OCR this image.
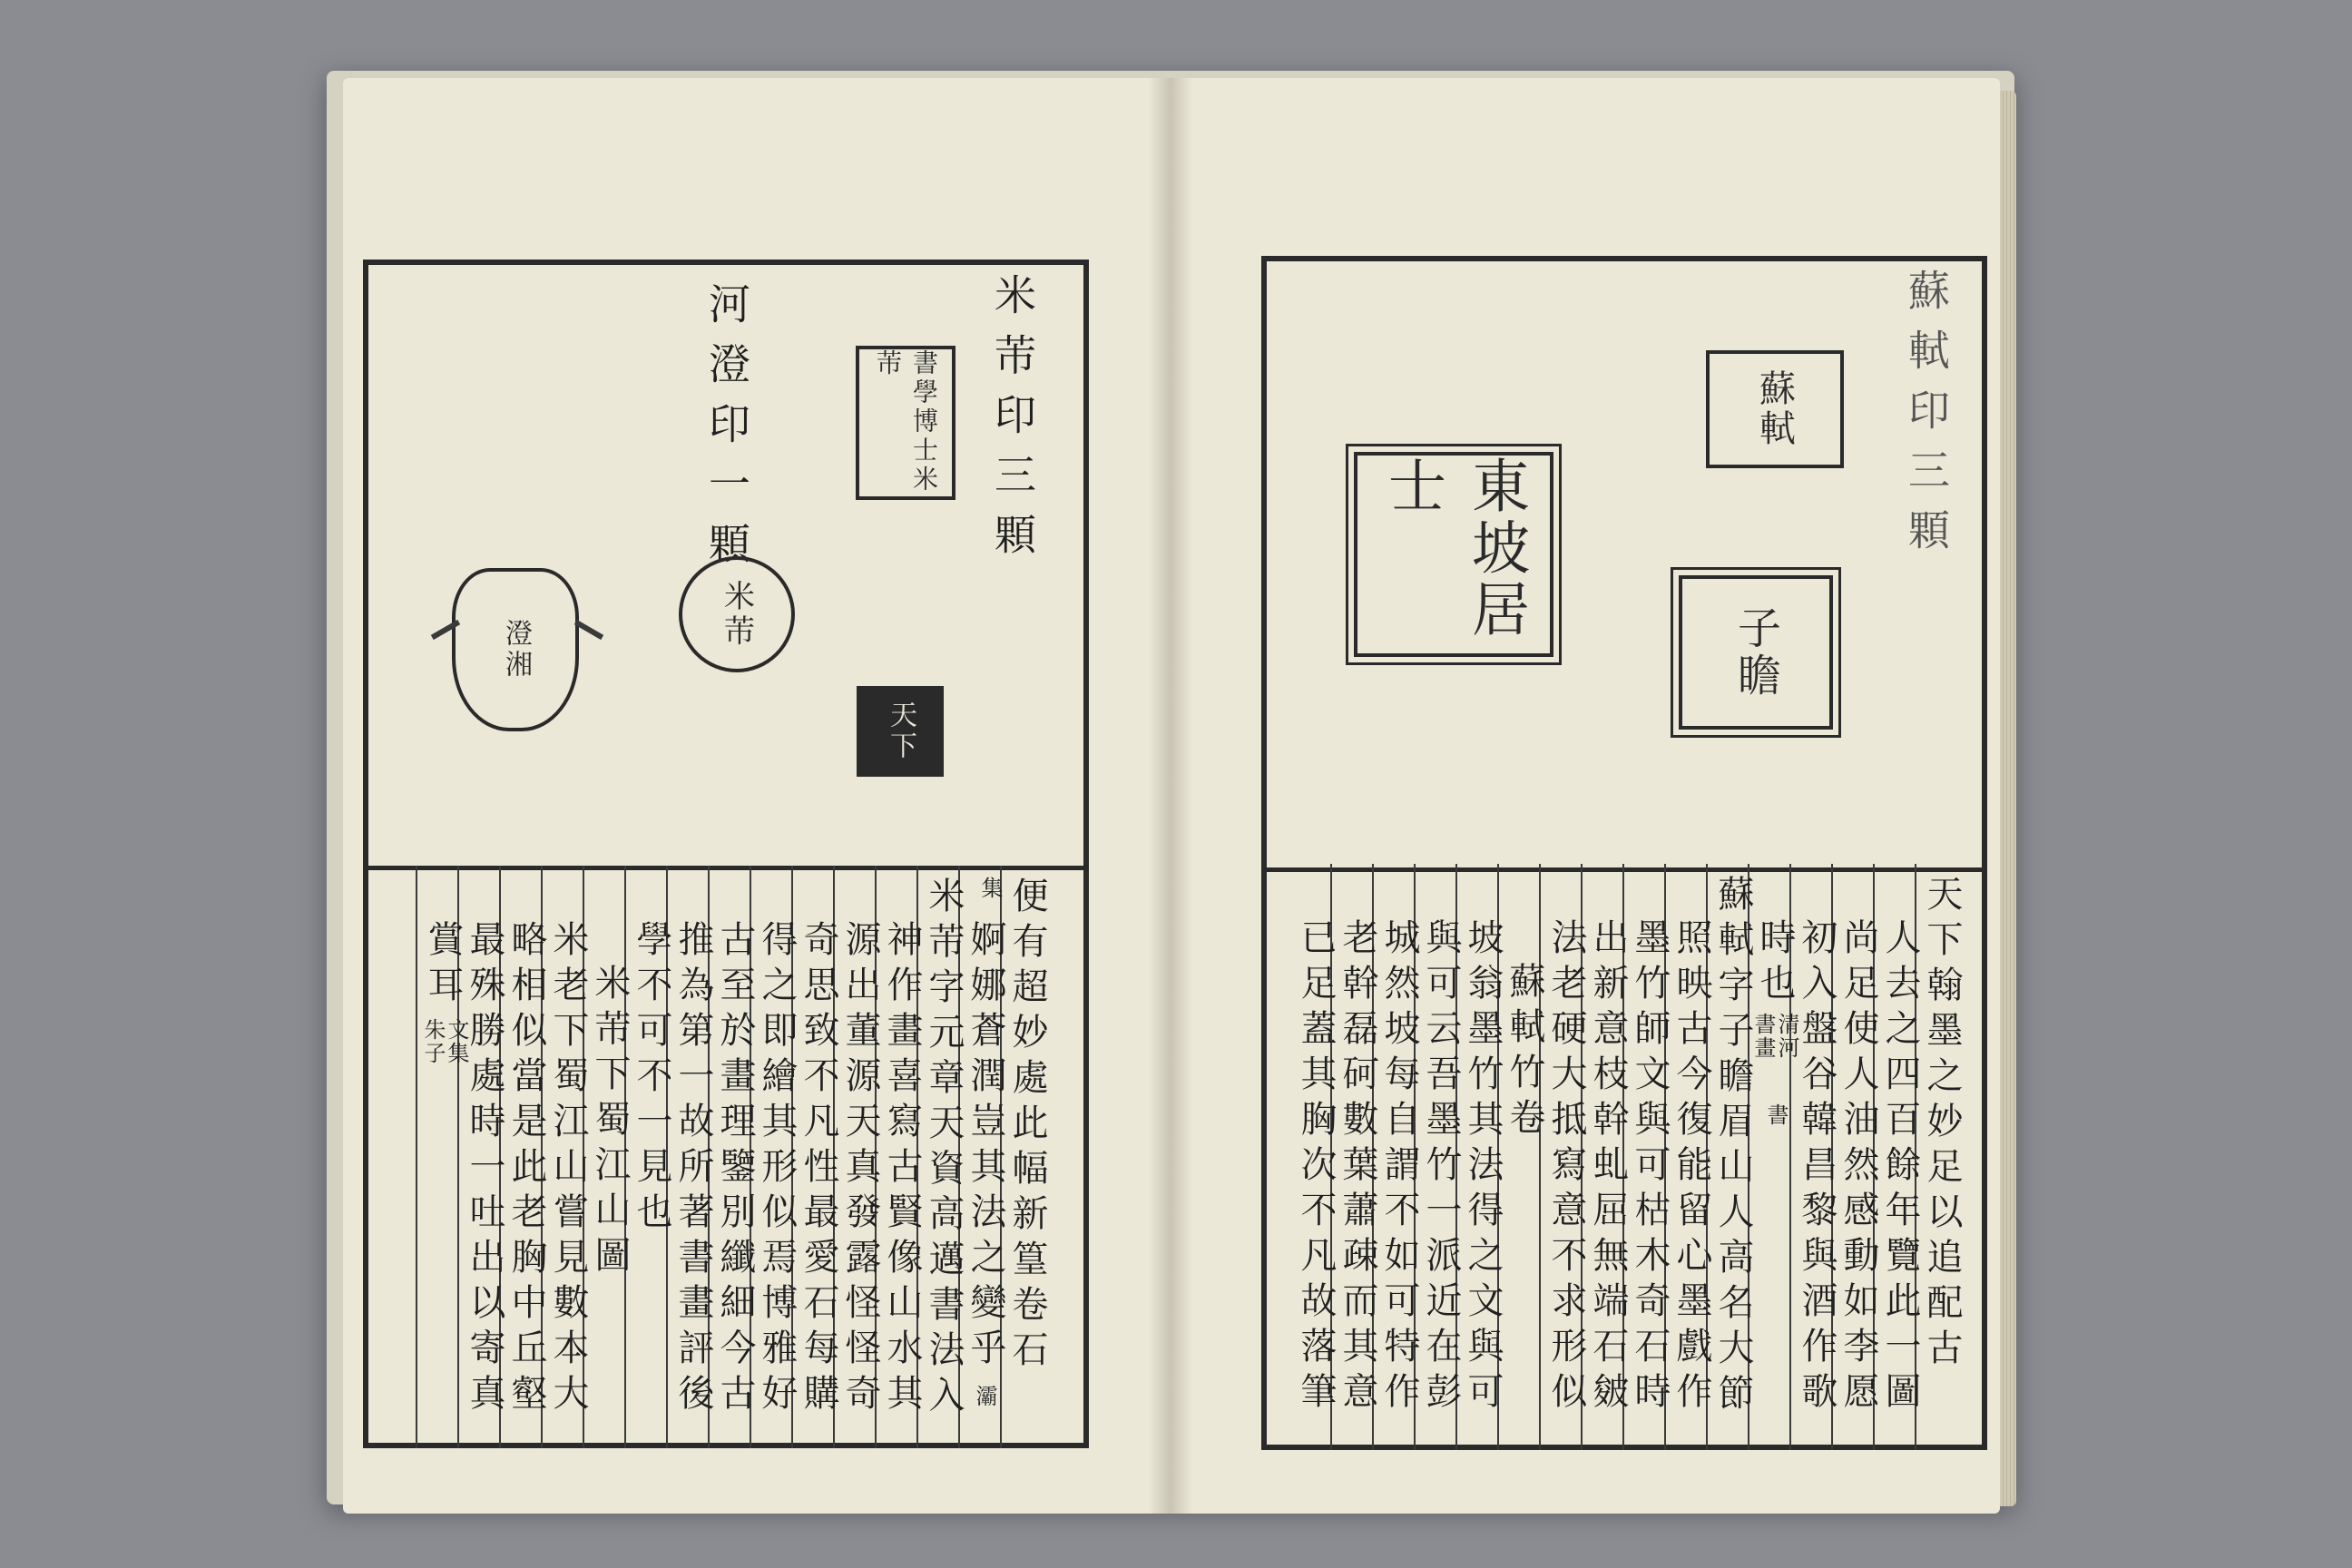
米芾印三顆
河澄印一顆	書學博士米芾
米芾
天下
澄湘
便有超妙處此幅新篁卷石
婀娜蒼潤豈其法之變乎
集
灞
米芾字元章天資高邁書法入
神作畫喜寫古賢像山水其
源出董源天真發露怪怪奇
奇思致不凡性最愛石每購
得之即繪其形似焉博雅好
古至於畫理鑒別纖細今古
推為第一故所著書畫評後
學不可不一見也
米芾下蜀江山圖
米老下蜀江山嘗見數本大
略相似當是此老胸中丘壑
最殊勝處時一吐出以寄真
賞耳
文集
朱子
蘇軾印三顆
蘇軾
東坡居士
子瞻
天下翰墨之妙足以追配古
人去之四百餘年覽此一圖
尚足使人油然感動如李愿
初入盤谷韓昌黎與酒作歌
時也
書畫
清河
書
蘇軾字子瞻眉山人高名大節
照映古今復能留心墨戲作
墨竹師文與可枯木奇石時
出新意枝幹虬屈無端石皴
法老硬大抵寫意不求形似
蘇軾竹卷
坡翁墨竹其法得之文與可
與可云吾墨竹一派近在彭
城然坡每自謂不如可特作
老幹磊砢數葉蕭疎而其意
已足蓋其胸次不凡故落筆
